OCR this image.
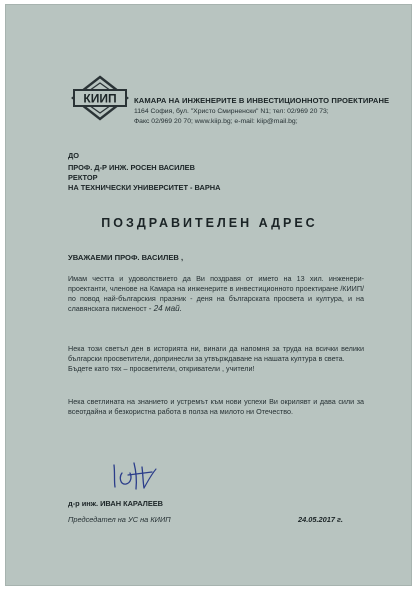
КИИП КАМАРА НА ИНЖЕНЕРИТЕ В ИНВЕСТИЦИОННОТО ПРОЕКТИРАНЕ
1164 София, бул. "Христо Смирненски" N1; тел: 02/969 20 73;
Факс 02/969 20 70; www.kiip.bg; e-mail: kiip@mail.bg;
ДО
ПРОФ. Д-Р ИНЖ. РОСЕН ВАСИЛЕВ
РЕКТОР
НА ТЕХНИЧЕСКИ УНИВЕРСИТЕТ - ВАРНА
ПОЗДРАВИТЕЛЕН АДРЕС
УВАЖАЕМИ ПРОФ. ВАСИЛЕВ ,
Имам честта и удоволствието да Ви поздравя от името на 13 хил. инженери-проектанти, членове на Камара на инженерите в инвестиционното проектиране /КИИП/ по повод най-българския празник - деня на българската просвета и култура, и на славянската писменост - 24 май.
Нека този светъл ден в историята ни, винаги да напомня за труда на всички велики български просветители, допринесли за утвърждаване на нашата култура в света.
Бъдете като тях – просветители, откриватели , учители!
Нека светлината на знанието и устремът към нови успехи Ви окрилявт и дава сили за всеотдайна и безкористна работа в полза на милото ни Отечество.
д-р инж. ИВАН КАРАЛЕЕВ
Председател на УС на КИИП	24.05.2017 г.
